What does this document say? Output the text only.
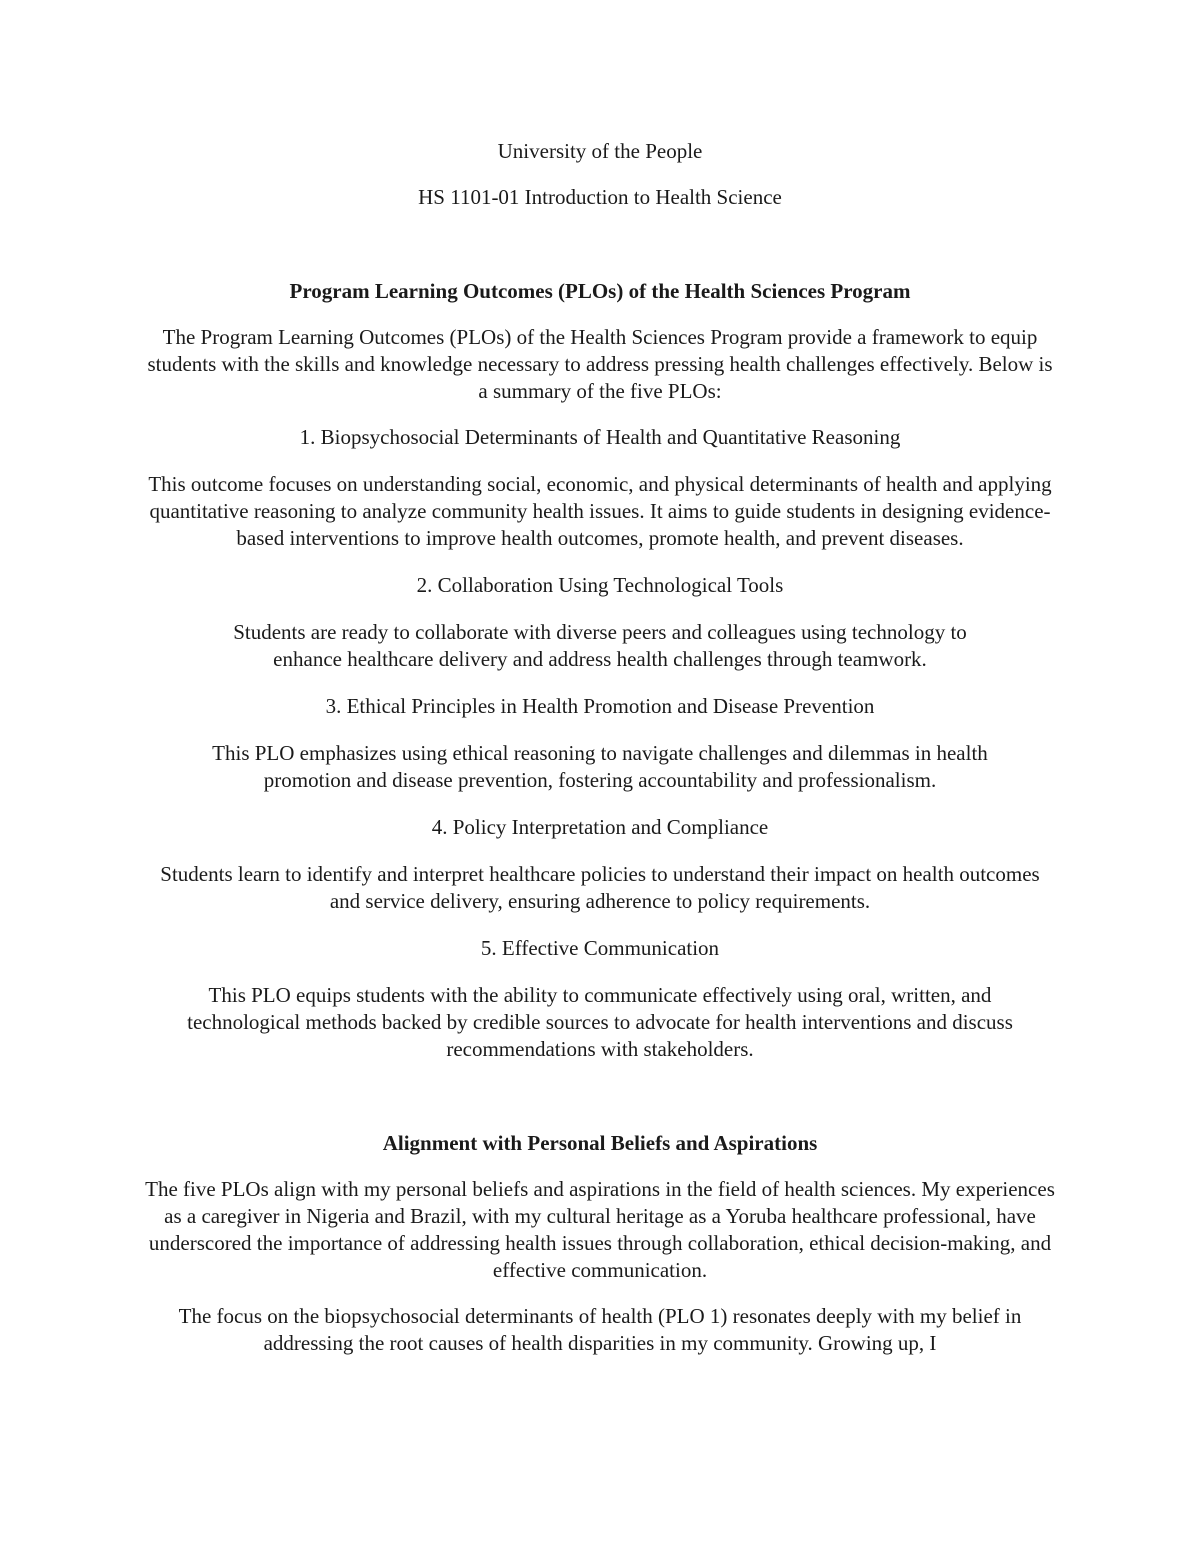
University of the People

HS 1101-01 Introduction to Health Science

Program Learning Outcomes (PLOs) of the Health Sciences Program

The Program Learning Outcomes (PLOs) of the Health Sciences Program provide a framework to equip students with the skills and knowledge necessary to address pressing health challenges effectively. Below is a summary of the five PLOs:

1. Biopsychosocial Determinants of Health and Quantitative Reasoning

This outcome focuses on understanding social, economic, and physical determinants of health and applying quantitative reasoning to analyze community health issues. It aims to guide students in designing evidence-based interventions to improve health outcomes, promote health, and prevent diseases.

2. Collaboration Using Technological Tools

Students are ready to collaborate with diverse peers and colleagues using technology to enhance healthcare delivery and address health challenges through teamwork.

3. Ethical Principles in Health Promotion and Disease Prevention

This PLO emphasizes using ethical reasoning to navigate challenges and dilemmas in health promotion and disease prevention, fostering accountability and professionalism.

4. Policy Interpretation and Compliance

Students learn to identify and interpret healthcare policies to understand their impact on health outcomes and service delivery, ensuring adherence to policy requirements.

5. Effective Communication

This PLO equips students with the ability to communicate effectively using oral, written, and technological methods backed by credible sources to advocate for health interventions and discuss recommendations with stakeholders.

Alignment with Personal Beliefs and Aspirations

The five PLOs align with my personal beliefs and aspirations in the field of health sciences. My experiences as a caregiver in Nigeria and Brazil, with my cultural heritage as a Yoruba healthcare professional, have underscored the importance of addressing health issues through collaboration, ethical decision-making, and effective communication.

The focus on the biopsychosocial determinants of health (PLO 1) resonates deeply with my belief in addressing the root causes of health disparities in my community. Growing up, I
